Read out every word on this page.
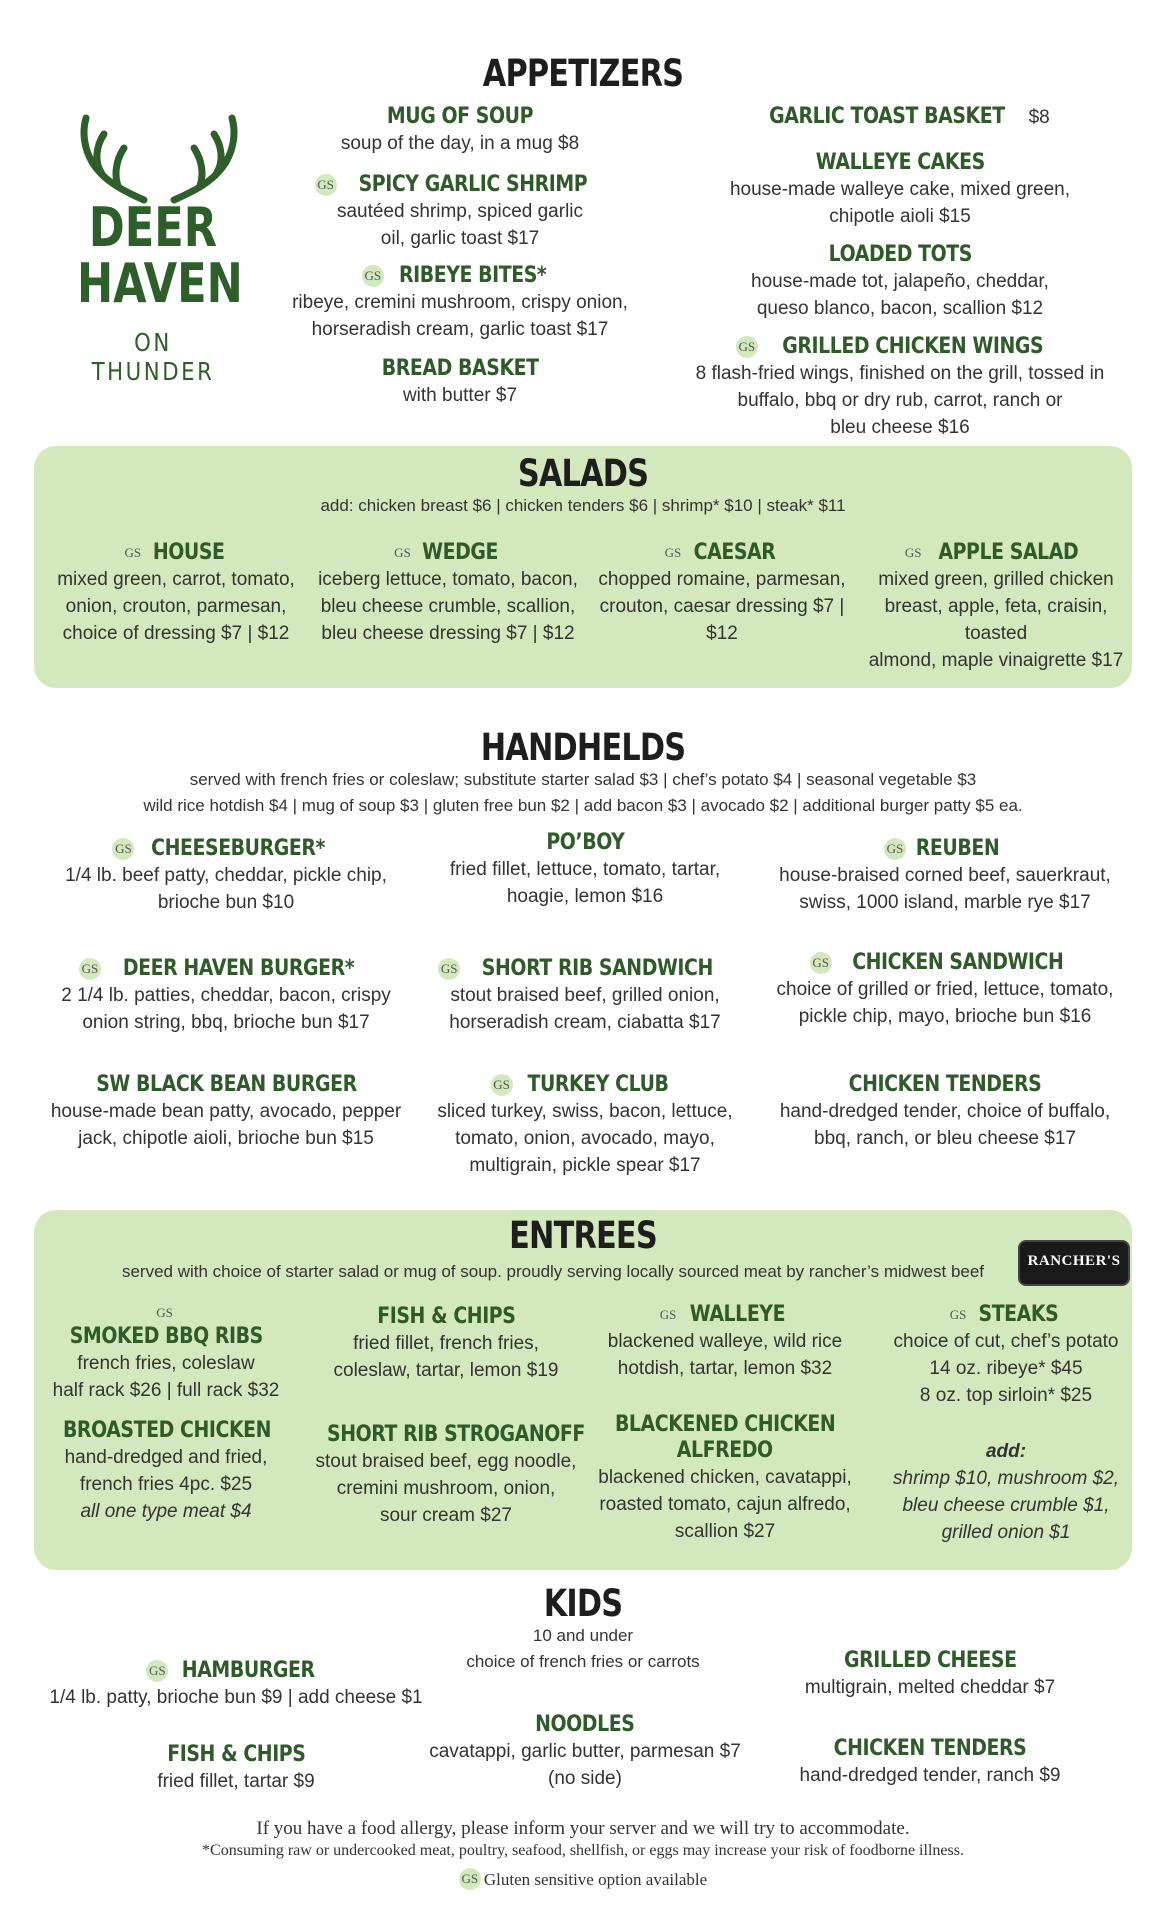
DEER
HAVEN
ON THUNDER
APPETIZERS
MUG OF SOUP
soup of the day, in a mug $8
GS SPICY GARLIC SHRIMP
sautéed shrimp, spiced garlic
oil, garlic toast $17
GS RIBEYE BITES*
ribeye, cremini mushroom, crispy onion,
horseradish cream, garlic toast $17
BREAD BASKET
with butter $7
GARLIC TOAST BASKET $8
WALLEYE CAKES
house-made walleye cake, mixed green,
chipotle aioli $15
LOADED TOTS
house-made tot, jalapeño, cheddar,
queso blanco, bacon, scallion $12
GS GRILLED CHICKEN WINGS
8 flash-fried wings, finished on the grill, tossed in
buffalo, bbq or dry rub, carrot, ranch or
bleu cheese $16
SALADS
add: chicken breast $6 | chicken tenders $6 | shrimp* $10 | steak* $11
GS HOUSE
mixed green, carrot, tomato,
onion, crouton, parmesan,
choice of dressing $7 | $12
GS WEDGE
iceberg lettuce, tomato, bacon,
bleu cheese crumble, scallion,
bleu cheese dressing $7 | $12
GS CAESAR
chopped romaine, parmesan,
crouton, caesar dressing $7 | $12
GS APPLE SALAD
mixed green, grilled chicken
breast, apple, feta, craisin, toasted
almond, maple vinaigrette $17
HANDHELDS
served with french fries or coleslaw; substitute starter salad $3 | chef’s potato $4 | seasonal vegetable $3
wild rice hotdish $4 | mug of soup $3 | gluten free bun $2 | add bacon $3 | avocado $2 | additional burger patty $5 ea.
GS CHEESEBURGER*
1/4 lb. beef patty, cheddar, pickle chip,
brioche bun $10
PO’BOY
fried fillet, lettuce, tomato, tartar,
hoagie, lemon $16
GS REUBEN
house-braised corned beef, sauerkraut,
swiss, 1000 island, marble rye $17
GS DEER HAVEN BURGER*
2 1/4 lb. patties, cheddar, bacon, crispy
onion string, bbq, brioche bun $17
GS SHORT RIB SANDWICH
stout braised beef, grilled onion,
horseradish cream, ciabatta $17
GS CHICKEN SANDWICH
choice of grilled or fried, lettuce, tomato,
pickle chip, mayo, brioche bun $16
SW BLACK BEAN BURGER
house-made bean patty, avocado, pepper
jack, chipotle aioli, brioche bun $15
GS TURKEY CLUB
sliced turkey, swiss, bacon, lettuce,
tomato, onion, avocado, mayo,
multigrain, pickle spear $17
CHICKEN TENDERS
hand-dredged tender, choice of buffalo,
bbq, ranch, or bleu cheese $17
ENTREES
served with choice of starter salad or mug of soup. proudly serving locally sourced meat by rancher’s midwest beef
RANCHER'S
GSSMOKED BBQ RIBS
french fries, coleslaw
half rack $26 | full rack $32
FISH & CHIPS
fried fillet, french fries,
coleslaw, tartar, lemon $19
GS WALLEYE
blackened walleye, wild rice
hotdish, tartar, lemon $32
GS STEAKS
choice of cut, chef’s potato
14 oz. ribeye* $45
8 oz. top sirloin* $25
BROASTED CHICKEN
hand-dredged and fried,
french fries 4pc. $25
all one type meat $4
SHORT RIB STROGANOFF
stout braised beef, egg noodle,
cremini mushroom, onion,
sour cream $27
BLACKENED CHICKEN ALFREDO
blackened chicken, cavatappi,
roasted tomato, cajun alfredo,
scallion $27
add:
shrimp $10, mushroom $2,
bleu cheese crumble $1,
grilled onion $1
KIDS
10 and under
choice of french fries or carrots
GS HAMBURGER
1/4 lb. patty, brioche bun $9 | add cheese $1
FISH & CHIPS
fried fillet, tartar $9
NOODLES
cavatappi, garlic butter, parmesan $7
(no side)
GRILLED CHEESE
multigrain, melted cheddar $7
CHICKEN TENDERS
hand-dredged tender, ranch $9
If you have a food allergy, please inform your server and we will try to accommodate.
*Consuming raw or undercooked meat, poultry, seafood, shellfish, or eggs may increase your risk of foodborne illness.
GS Gluten sensitive option available
